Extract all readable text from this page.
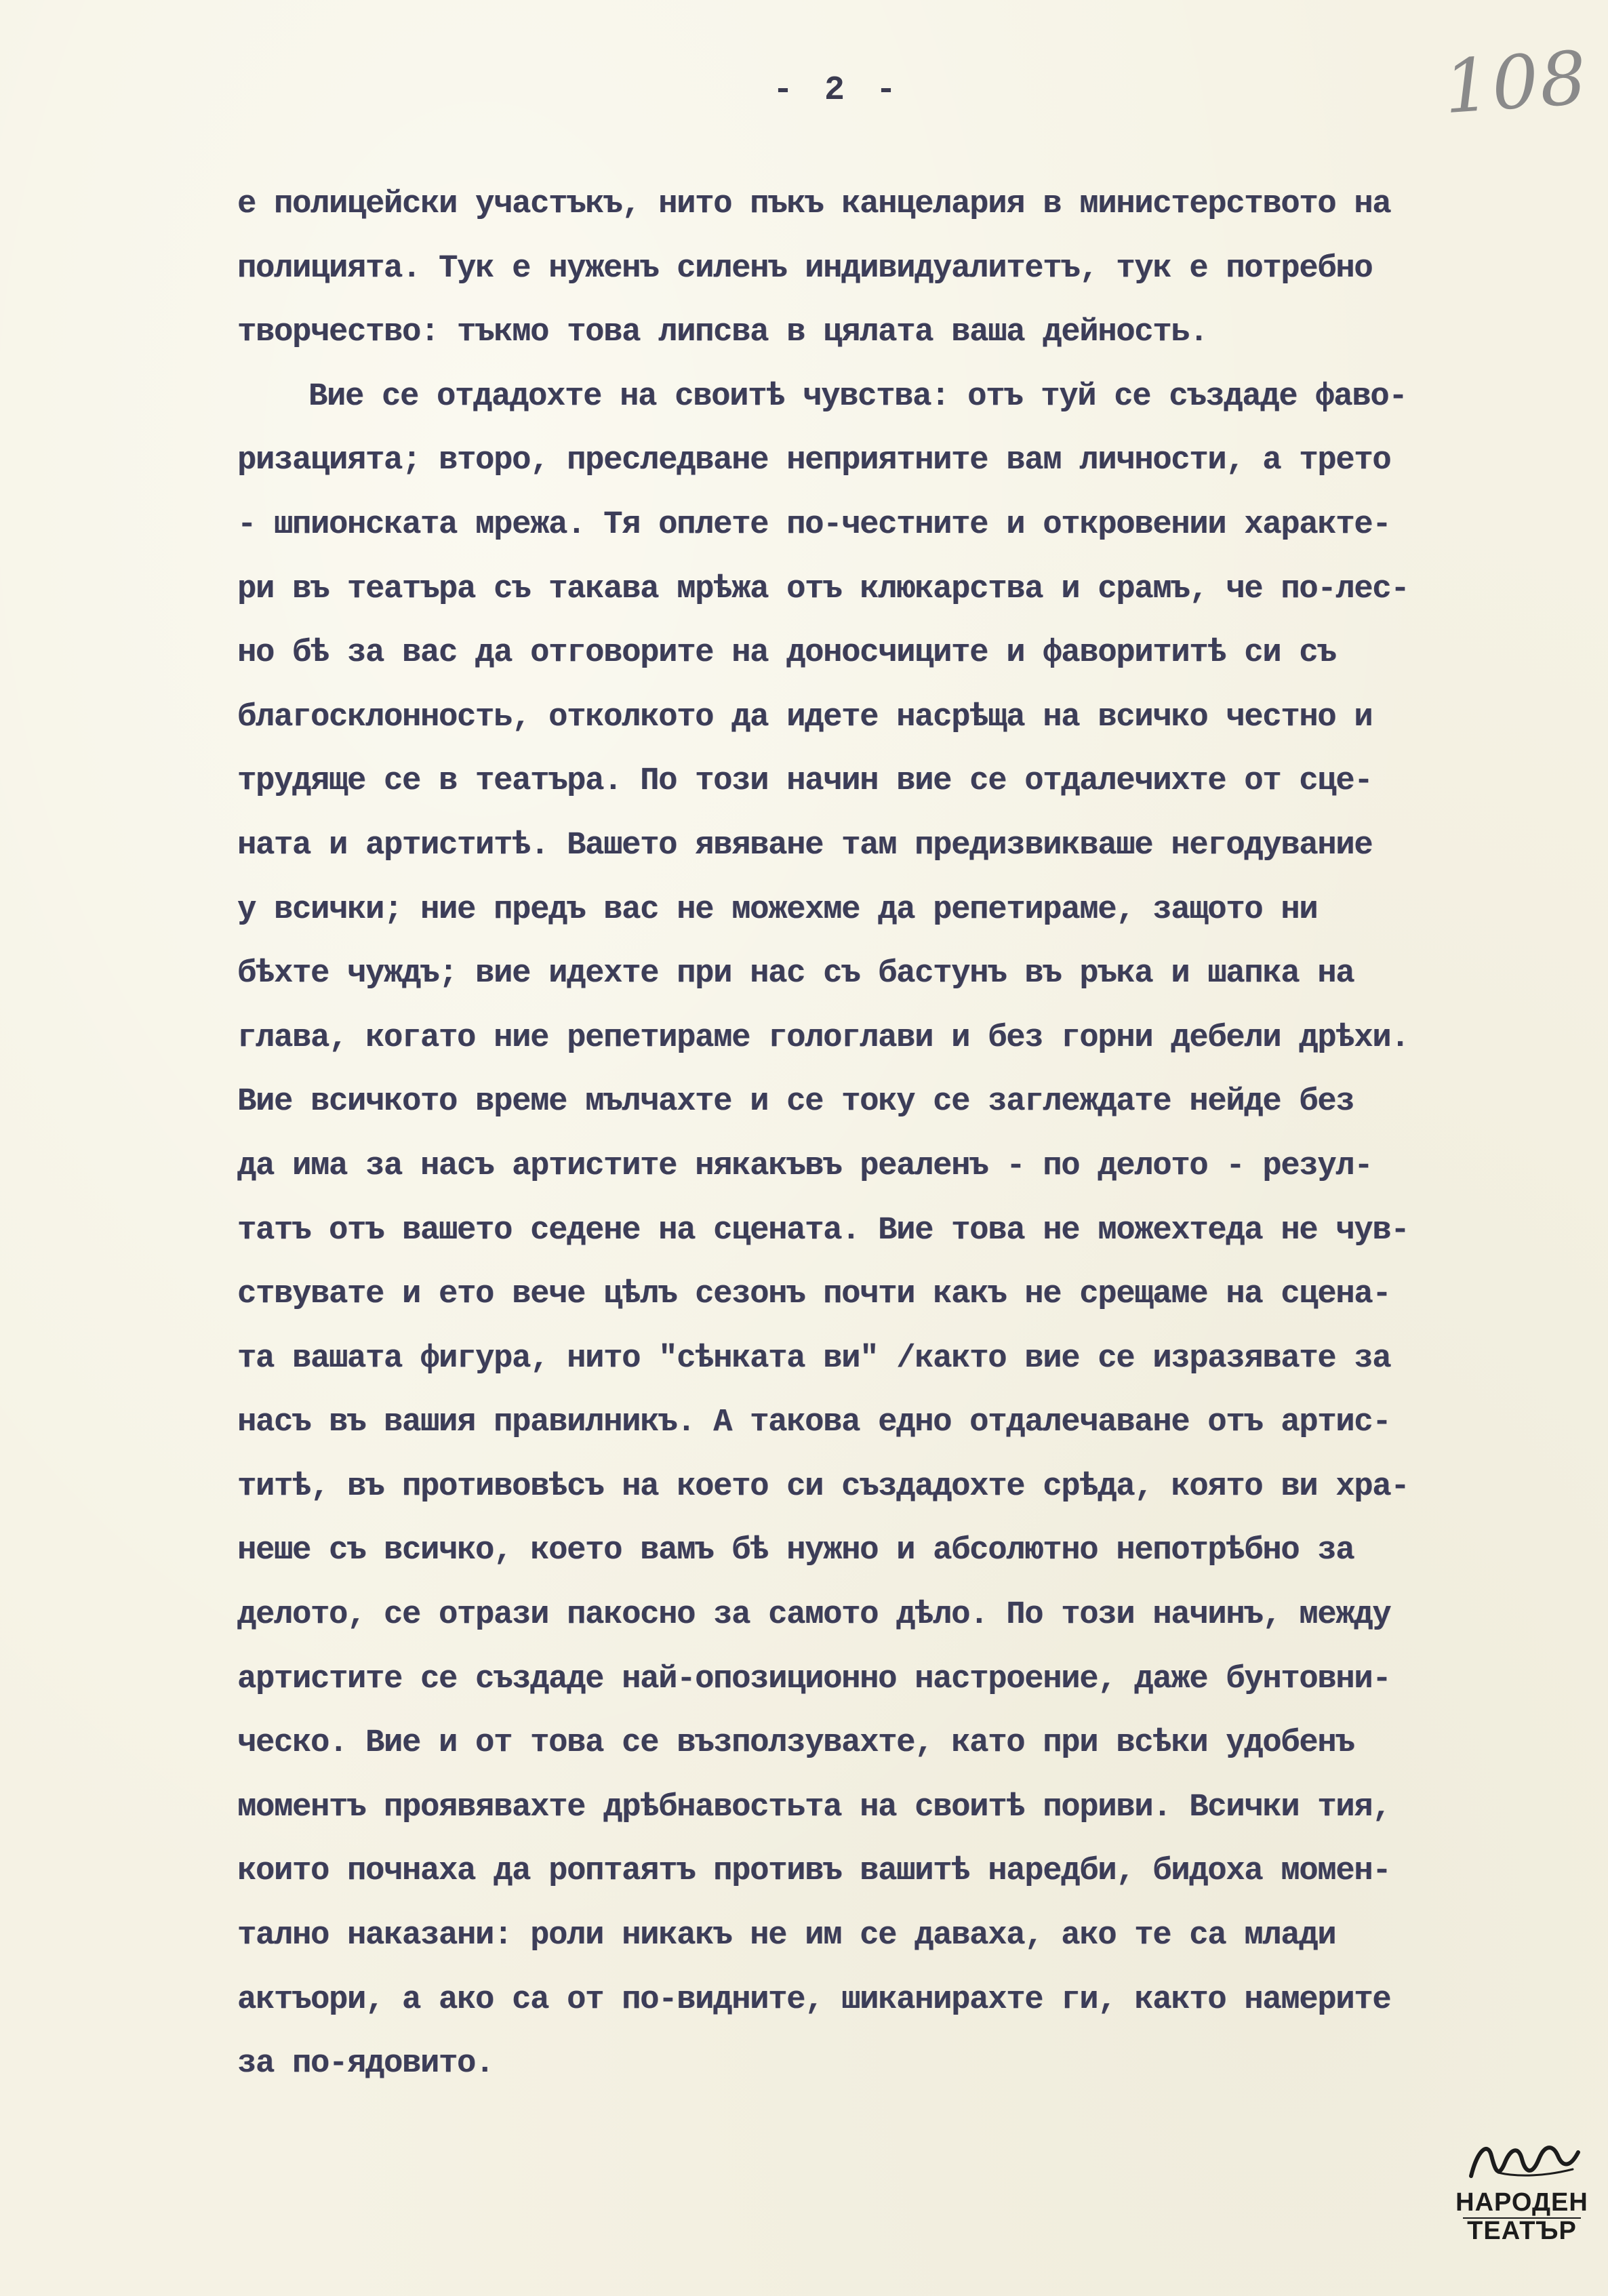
- 2 -	108
е полицейски участъкъ, нито пъкъ канцелария в министерството на
полицията. Тук е нуженъ силенъ индивидуалитетъ, тук е потребно
творчество: тъкмо това липсва в цялата ваша дейность.
Вие се отдадохте на своитѣ чувства: отъ туй се създаде фаво-
ризацията; второ, преследване неприятните вам личности, а трето
- шпионската мрежа. Тя оплете по-честните и откровении характе-
ри въ театъра съ такава мрѣжа отъ клюкарства и срамъ, че по-лес-
но бѣ за вас да отговорите на доносчиците и фаворититѣ си съ
благосклонность, отколкото да идете насрѣща на всичко честно и
трудяще се в театъра. По този начин вие се отдалечихте от сце-
ната и артиститѣ. Вашето явяване там предизвикваше негодувание
у всички; ние предъ вас не можехме да репетираме, защото ни
бѣхте чуждъ; вие идехте при нас съ бастунъ въ ръка и шапка на
глава, когато ние репетираме гологлави и без горни дебели дрѣхи.
Вие всичкото време мълчахте и се току се заглеждате нейде без
да има за насъ артистите някакъвъ реаленъ - по делото - резул-
татъ отъ вашето седене на сцената. Вие това не можехтеда не чув-
ствувате и ето вече цѣлъ сезонъ почти какъ не срещаме на сцена-
та вашата фигура, нито "сѣнката ви" /както вие се изразявате за
насъ въ вашия правилникъ. А такова едно отдалечаване отъ артис-
титѣ, въ противовѣсъ на което си създадохте срѣда, която ви хра-
неше съ всичко, което вамъ бѣ нужно и абсолютно непотрѣбно за
делото, се отрази пакосно за самото дѣло. По този начинъ, между
артистите се създаде най-опозиционно настроение, даже бунтовни-
ческо. Вие и от това се възползувахте, като при всѣки удобенъ
моментъ проявявахте дрѣбнавостьта на своитѣ пориви. Всички тия,
които почнаха да роптаятъ противъ вашитѣ наредби, бидоха момен-
тално наказани: роли никакъ не им се даваха, ако те са млади
актъори, а ако са от по-видните, шиканирахте ги, както намерите
за по-ядовито.
НАРОДЕН
ТЕАТЪР
